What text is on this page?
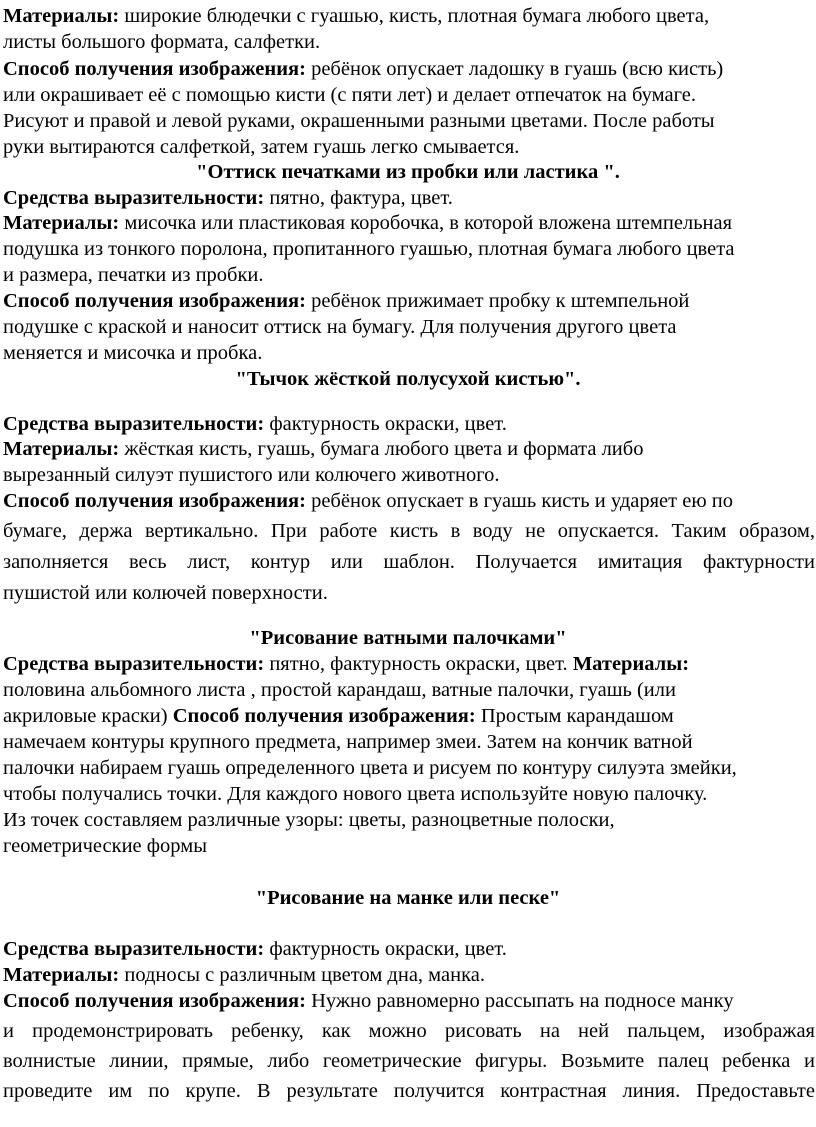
Материалы: широкие блюдечки с гуашью, кисть, плотная бумага любого цвета,
листы большого формата, салфетки.
Способ получения изображения: ребёнок опускает ладошку в гуашь (всю кисть)
или окрашивает её с помощью кисти (с пяти лет) и делает отпечаток на бумаге.
Рисуют и правой и левой руками, окрашенными разными цветами. После работы
руки вытираются салфеткой, затем гуашь легко смывается.
"Оттиск печатками из пробки или ластика ".
Средства выразительности: пятно, фактура, цвет.
Материалы: мисочка или пластиковая коробочка, в которой вложена штемпельная
подушка из тонкого поролона, пропитанного гуашью, плотная бумага любого цвета
и размера, печатки из пробки.
Способ получения изображения: ребёнок прижимает пробку к штемпельной
подушке с краской и наносит оттиск на бумагу. Для получения другого цвета
меняется и мисочка и пробка.
"Тычок жёсткой полусухой кистью".
Средства выразительности: фактурность окраски, цвет.
Материалы: жёсткая кисть, гуашь, бумага любого цвета и формата либо
вырезанный силуэт пушистого или колючего животного.
Способ получения изображения: ребёнок опускает в гуашь кисть и ударяет ею по
бумаге, держа вертикально. При работе кисть в воду не опускается. Таким образом,
заполняется весь лист, контур или шаблон. Получается имитация фактурности
пушистой или колючей поверхности.
"Рисование ватными палочками"
Средства выразительности: пятно, фактурность окраски, цвет. Материалы:
половина альбомного листа , простой карандаш, ватные палочки, гуашь (или
акриловые краски) Способ получения изображения: Простым карандашом
намечаем контуры крупного предмета, например змеи. Затем на кончик ватной
палочки набираем гуашь определенного цвета и рисуем по контуру силуэта змейки,
чтобы получались точки. Для каждого нового цвета используйте новую палочку.
Из точек составляем различные узоры: цветы, разноцветные полоски,
геометрические формы
"Рисование на манке или песке"
Средства выразительности: фактурность окраски, цвет.
Материалы: подносы с различным цветом дна, манка.
Способ получения изображения: Нужно равномерно рассыпать на подносе манку
и продемонстрировать ребенку, как можно рисовать на ней пальцем, изображая
волнистые линии, прямые, либо геометрические фигуры. Возьмите палец ребенка и
проведите им по крупе. В результате получится контрастная линия. Предоставьте
